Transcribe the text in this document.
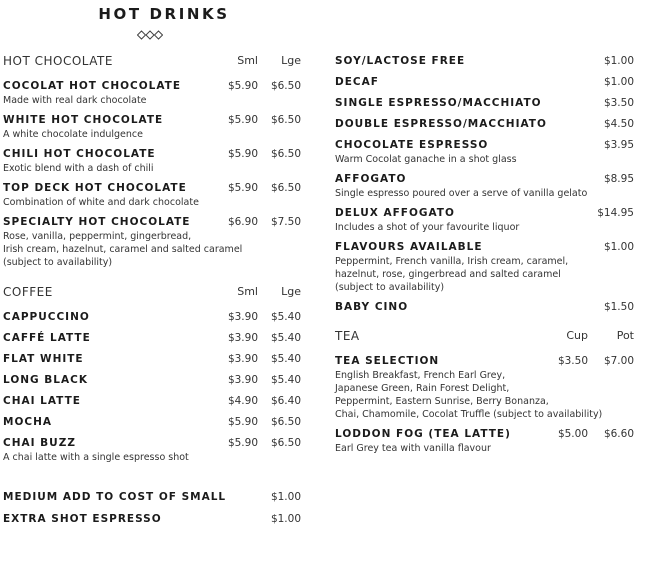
HOT DRINKS
HOT CHOCOLATE	Sml Lge
COCOLAT HOT CHOCOLATE
Made with real dark chocolate
$5.90 $6.50
WHITE HOT CHOCOLATE
A white chocolate indulgence
$5.90 $6.50
CHILI HOT CHOCOLATE
Exotic blend with a dash of chili
$5.90 $6.50
TOP DECK HOT CHOCOLATE
Combination of white and dark chocolate
$5.90 $6.50
SPECIALTY HOT CHOCOLATE
Rose, vanilla, peppermint, gingerbread,
Irish cream, hazelnut, caramel and salted caramel
(subject to availability)
$6.90 $7.50
COFFEE	Sml Lge
CAPPUCCINO	$3.90 $5.40
CAFFÉ LATTE	$3.90 $5.40
FLAT WHITE	$3.90 $5.40
LONG BLACK	$3.90 $5.40
CHAI LATTE	$4.90 $6.40
MOCHA	$5.90 $6.50
CHAI BUZZ
A chai latte with a single espresso shot
$5.90 $6.50
MEDIUM ADD TO COST OF SMALL	$1.00
EXTRA SHOT ESPRESSO	$1.00
SOY/LACTOSE FREE	$1.00
DECAF	$1.00
SINGLE ESPRESSO/MACCHIATO	$3.50
DOUBLE ESPRESSO/MACCHIATO	$4.50
CHOCOLATE ESPRESSO
Warm Cocolat ganache in a shot glass
$3.95
AFFOGATO
Single espresso poured over a serve of vanilla gelato
$8.95
DELUX AFFOGATO
Includes a shot of your favourite liquor
$14.95
FLAVOURS AVAILABLE
Peppermint, French vanilla, Irish cream, caramel,
hazelnut, rose, gingerbread and salted caramel
(subject to availability)
$1.00
BABY CINO	$1.50
TEA	Cup	Pot
TEA SELECTION
English Breakfast, French Earl Grey,
Japanese Green, Rain Forest Delight,
Peppermint, Eastern Sunrise, Berry Bonanza,
Chai, Chamomile, Cocolat Truffle (subject to availability)
$3.50 $7.00
LODDON FOG (TEA LATTE)
Earl Grey tea with vanilla flavour
$5.00 $6.60
